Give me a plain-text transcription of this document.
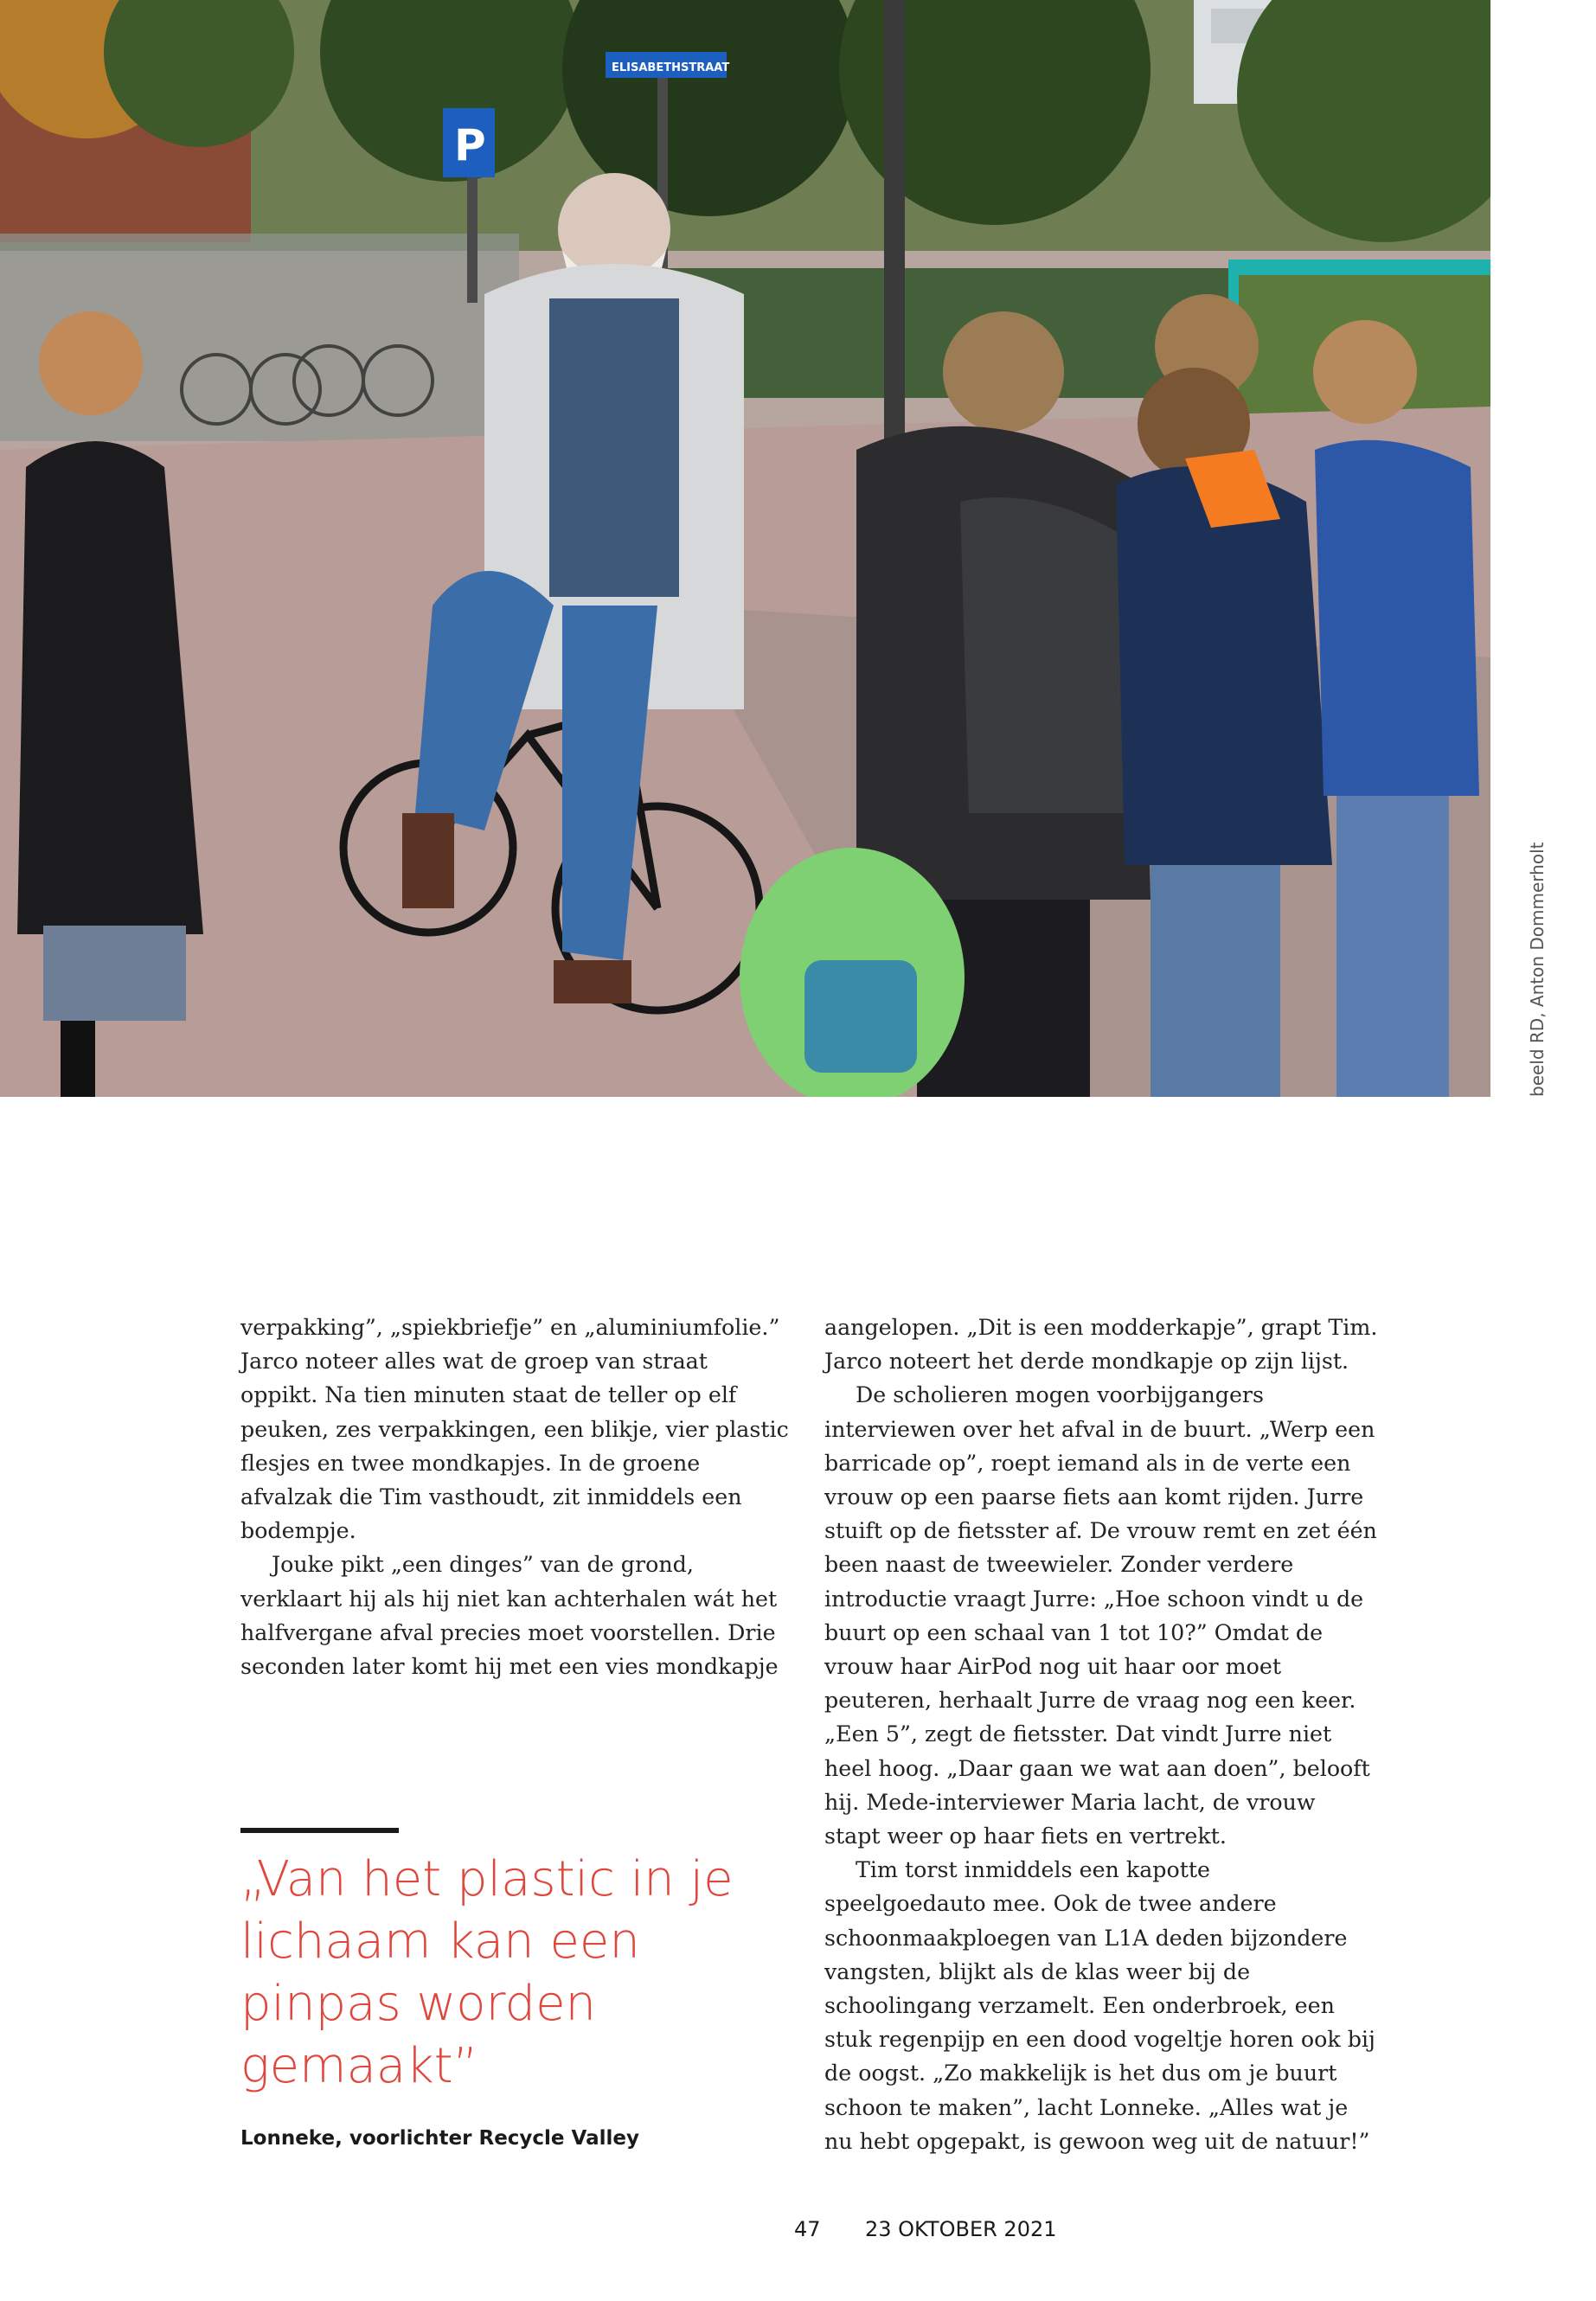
P
ELISABETHSTRAAT
beeld RD, Anton Dommerholt

verpakking”, „spiekbriefje” en „aluminiumfolie.” Jarco noteer alles wat de groep van straat oppikt. Na tien minuten staat de teller op elf peuken, zes verpakkingen, een blikje, vier plastic flesjes en twee mondkapjes. In de groene afvalzak die Tim vasthoudt, zit inmiddels een bodempje.

Jouke pikt „een dinges” van de grond, verklaart hij als hij niet kan achterhalen wát het halfvergane afval precies moet voorstellen. Drie seconden later komt hij met een vies mondkapje

„Van het plastic in je lichaam kan een pinpas worden gemaakt”

Lonneke, voorlichter Recycle Valley

aangelopen. „Dit is een modderkapje”, grapt Tim. Jarco noteert het derde mondkapje op zijn lijst.

De scholieren mogen voorbijgangers interviewen over het afval in de buurt. „Werp een barricade op”, roept iemand als in de verte een vrouw op een paarse fiets aan komt rijden. Jurre stuift op de fietsster af. De vrouw remt en zet één been naast de tweewieler. Zonder verdere introductie vraagt Jurre: „Hoe schoon vindt u de buurt op een schaal van 1 tot 10?” Omdat de vrouw haar AirPod nog uit haar oor moet peuteren, herhaalt Jurre de vraag nog een keer. „Een 5”, zegt de fietsster. Dat vindt Jurre niet heel hoog. „Daar gaan we wat aan doen”, belooft hij. Mede-interviewer Maria lacht, de vrouw stapt weer op haar fiets en vertrekt.

Tim torst inmiddels een kapotte speelgoedauto mee. Ook de twee andere schoonmaakploegen van L1A deden bijzondere vangsten, blijkt als de klas weer bij de schoolingang verzamelt. Een onderbroek, een stuk regenpijp en een dood vogeltje horen ook bij de oogst. „Zo makkelijk is het dus om je buurt schoon te maken”, lacht Lonneke. „Alles wat je nu hebt opgepakt, is gewoon weg uit de natuur!”

47 23 OKTOBER 2021
